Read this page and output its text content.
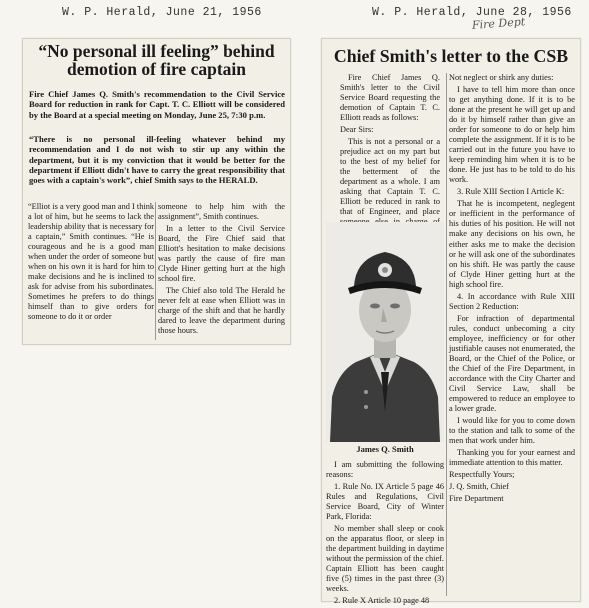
W. P. Herald, June 21, 1956	W. P. Herald, June 28, 1956
Fire Dept
“No personal ill feeling” behind demotion of fire captain

Fire Chief James Q. Smith's recommendation to the Civil Service Board for reduction in rank for Capt. T. C. Elliott will be considered by the Board at a special meeting on Monday, June 25, 7:30 p.m.

“There is no personal ill-feeling whatever behind my recommendation and I do not wish to stir up any within the department, but it is my conviction that it would be better for the department if Elliott didn't have to carry the great responsibility that goes with a captain's work”, chief Smith says to the HERALD.

“Elliot is a very good man and I think a lot of him, but he seems to lack the leadership ability that is necessary for a captain,” Smith continues. “He is courageous and he is a good man when under the order of someone but when on his own it is hard for him to make decisions and he is inclined to ask for advise from his subordinates. Sometimes he prefers to do things himself than to give orders for someone to do it or order

someone to help him with the assignment”, Smith continues.

In a letter to the Civil Service Board, the Fire Chief said that Elliott's hesitation to make decisions was partly the cause of fire man Clyde Hiner getting hurt at the high school fire.

The Chief also told The Herald he never felt at ease when Elliott was in charge of the shift and that he hardly dared to leave the department during those hours.

Chief Smith's letter to the CSB

Fire Chief James Q. Smith's letter to the Civil Service Board requesting the demotion of Captain T. C. Elliott reads as follows:

Dear Sirs:

This is not a personal or a prejudice act on my part but to the best of my belief for the betterment of the department as a whole. I am asking that Captain T. C. Elliott be reduced in rank to that of Engineer, and place

James Q. Smith

I am submitting the following reasons:

1. Rule No. IX Article 5 page 46 Rules and Regulations, Civil Service Board, City of Winter Park, Florida:

No member shall sleep or cook on the apparatus floor, or sleep in the department building in daytime without the permission of the chief. Captain Elliott has been caught five (5) times in the past three (3) weeks.

2. Rule X Article 10 page 48

Not neglect or shirk any duties:

I have to tell him more than once to get anything done. If it is to be done at the present he will get up and do it by himself rather than give an order for someone to do or help him complete the assignment. If it is to be carried out in the future you have to keep reminding him when it is to be done. He just has to be told to do his work.

3. Rule XIII Section I Article K:

That he is incompetent, neglegent or inefficient in the performance of his duties of his position. He will not make any decisions on his own, he either asks me to make the decision or he will ask one of the subordinates on his shift. He was partly the cause of Clyde Hiner getting hurt at the high school fire.

4. In accordance with Rule XIII Section 2 Reduction:

For infraction of departmental rules, conduct unbecoming a city employee, inefficiency or for other justifiable causes not enumerated, the Board, or the Chief of the Police, or the Chief of the Fire Department, in accordance with the City Charter and Civil Service Law, shall be empowered to reduce an employee to a lower grade.

I would like for you to come down to the station and talk to some of the men that work under him.

Thanking you for your earnest and immediate attention to this matter.

Respectfully Yours;

J. Q. Smith, Chief

Fire Department
